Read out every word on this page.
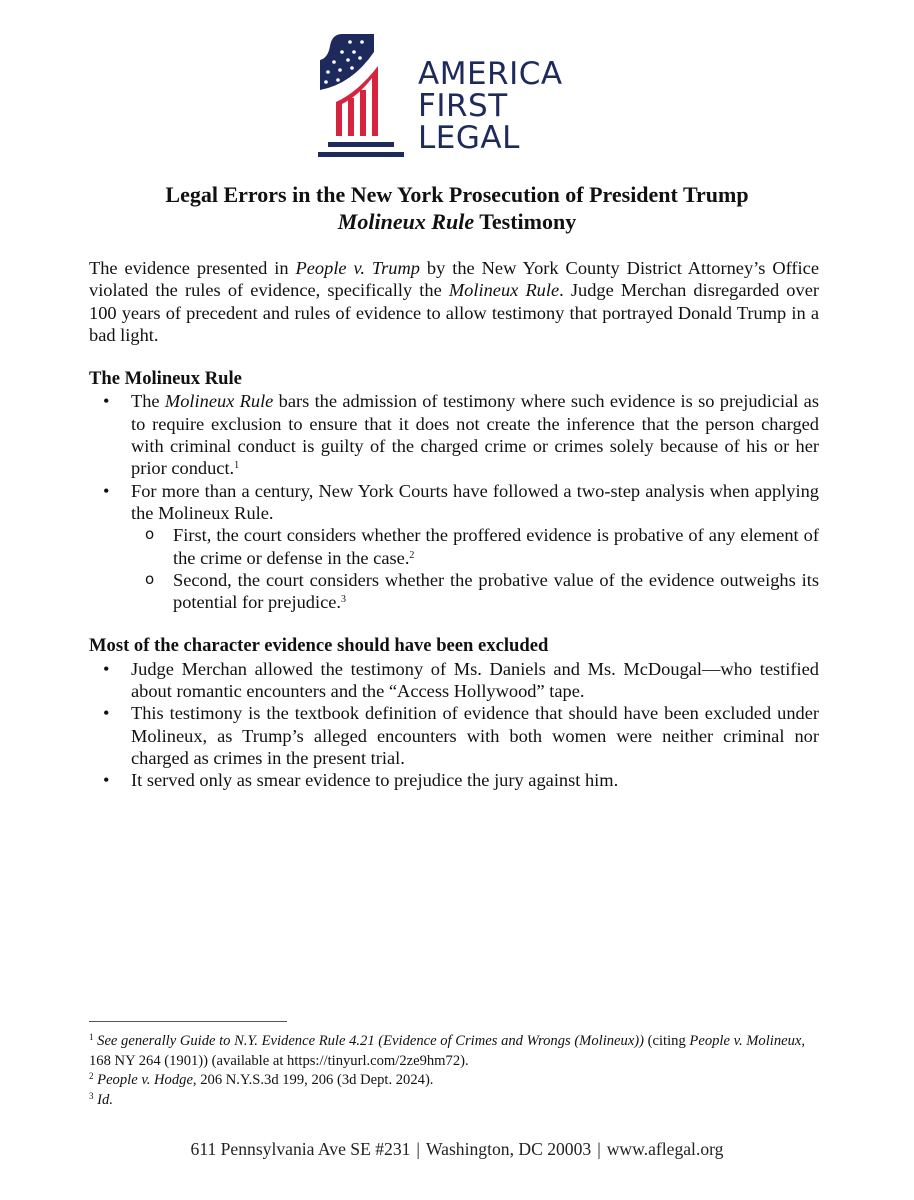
AMERICA
FIRST
LEGAL
Legal Errors in the New York Prosecution of President Trump
Molineux Rule Testimony

The evidence presented in People v. Trump by the New York County District Attorney’s Office violated the rules of evidence, specifically the Molineux Rule. Judge Merchan disregarded over 100 years of precedent and rules of evidence to allow testimony that portrayed Donald Trump in a bad light.

The Molineux Rule
• The Molineux Rule bars the admission of testimony where such evidence is so prejudicial as to require exclusion to ensure that it does not create the inference that the person charged with criminal conduct is guilty of the charged crime or crimes solely because of his or her prior conduct.$^1$
• For more than a century, New York Courts have followed a two-step analysis when applying the Molineux Rule.
o First, the court considers whether the proffered evidence is probative of any element of the crime or defense in the case.$^2$
o Second, the court considers whether the probative value of the evidence outweighs its potential for prejudice.$^3$
Most of the character evidence should have been excluded
• Judge Merchan allowed the testimony of Ms. Daniels and Ms. McDougal—who testified about romantic encounters and the “Access Hollywood” tape.
• This testimony is the textbook definition of evidence that should have been excluded under Molineux, as Trump’s alleged encounters with both women were neither criminal nor charged as crimes in the present trial.
• It served only as smear evidence to prejudice the jury against him.

$^1$ See generally Guide to N.Y. Evidence Rule 4.21 (Evidence of Crimes and Wrongs (Molineux)) (citing People v. Molineux, 168 NY 264 (1901)) (available at https://tinyurl.com/2ze9hm72).

$^2$ People v. Hodge, 206 N.Y.S.3d 199, 206 (3d Dept. 2024).

$^3$ Id.

611 Pennsylvania Ave SE #231 | Washington, DC 20003 | www.aflegal.org
